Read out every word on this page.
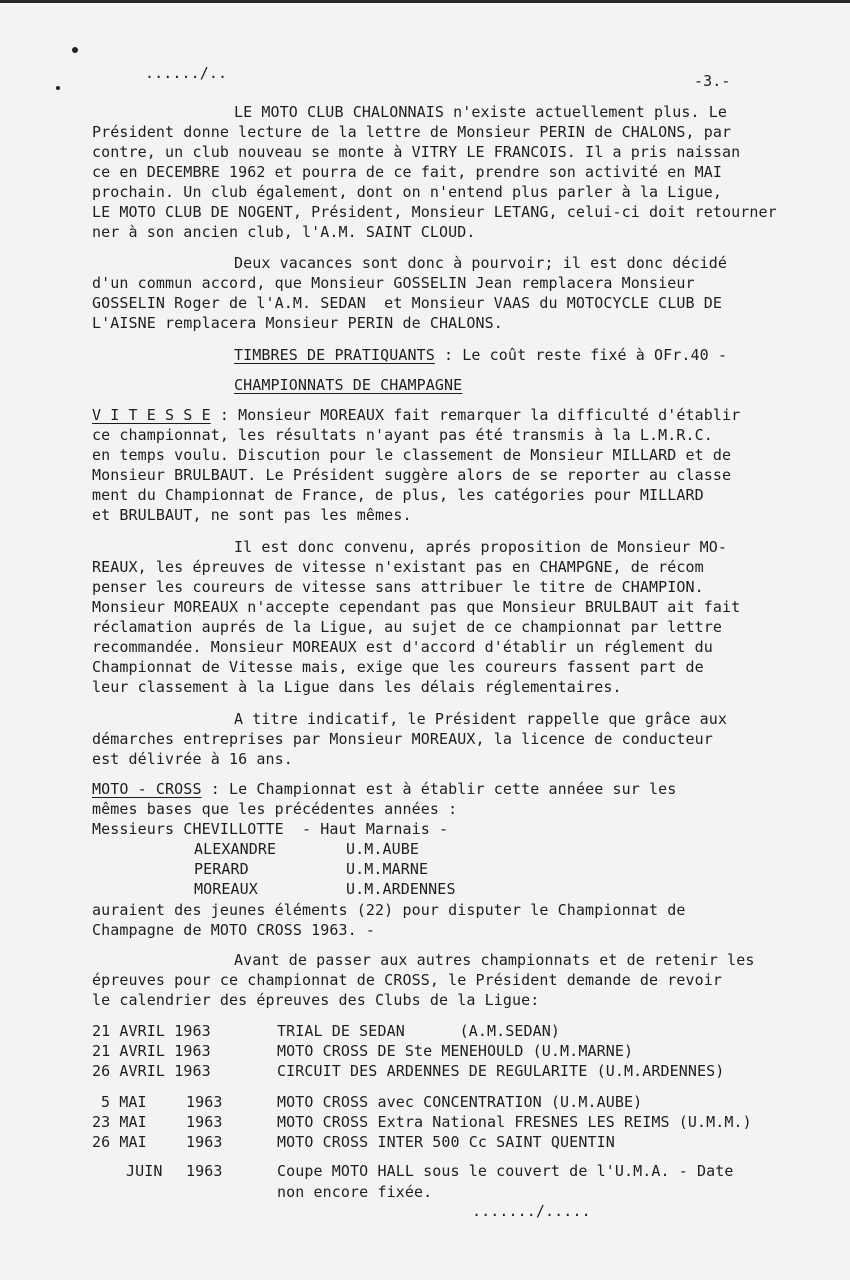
....../..	-3.-
LE MOTO CLUB CHALONNAIS n'existe actuellement plus. Le
Président donne lecture de la lettre de Monsieur PERIN de CHALONS, par
contre, un club nouveau se monte à VITRY LE FRANCOIS. Il a pris naissan
ce en DECEMBRE 1962 et pourra de ce fait, prendre son activité en MAI
prochain. Un club également, dont on n'entend plus parler à la Ligue,
LE MOTO CLUB DE NOGENT, Président, Monsieur LETANG, celui-ci doit retourner
ner à son ancien club, l'A.M. SAINT CLOUD.
Deux vacances sont donc à pourvoir; il est donc décidé
d'un commun accord, que Monsieur GOSSELIN Jean remplacera Monsieur
GOSSELIN Roger de l'A.M. SEDAN  et Monsieur VAAS du MOTOCYCLE CLUB DE
L'AISNE remplacera Monsieur PERIN de CHALONS.
TIMBRES DE PRATIQUANTS : Le coût reste fixé à OFr.40 -
CHAMPIONNATS DE CHAMPAGNE
V I T E S S E : Monsieur MOREAUX fait remarquer la difficulté d'établir
ce championnat, les résultats n'ayant pas été transmis à la L.M.R.C.
en temps voulu. Discution pour le classement de Monsieur MILLARD et de
Monsieur BRULBAUT. Le Président suggère alors de se reporter au classe
ment du Championnat de France, de plus, les catégories pour MILLARD
et BRULBAUT, ne sont pas les mêmes.
Il est donc convenu, aprés proposition de Monsieur MO-
REAUX, les épreuves de vitesse n'existant pas en CHAMPGNE, de récom
penser les coureurs de vitesse sans attribuer le titre de CHAMPION.
Monsieur MOREAUX n'accepte cependant pas que Monsieur BRULBAUT ait fait
réclamation auprés de la Ligue, au sujet de ce championnat par lettre
recommandée. Monsieur MOREAUX est d'accord d'établir un réglement du
Championnat de Vitesse mais, exige que les coureurs fassent part de
leur classement à la Ligue dans les délais réglementaires.
A titre indicatif, le Président rappelle que grâce aux
démarches entreprises par Monsieur MOREAUX, la licence de conducteur
est délivrée à 16 ans.
MOTO - CROSS : Le Championnat est à établir cette annéee sur les
mêmes bases que les précédentes années :
Messieurs CHEVILLOTTE  - Haut Marnais -
ALEXANDRE	U.M.AUBE
PERARD	U.M.MARNE
MOREAUX	U.M.ARDENNES
auraient des jeunes éléments (22) pour disputer le Championnat de
Champagne de MOTO CROSS 1963. -
Avant de passer aux autres championnats et de retenir les
épreuves pour ce championnat de CROSS, le Président demande de revoir
le calendrier des épreuves des Clubs de la Ligue:
21 AVRIL 1963	TRIAL DE SEDAN      (A.M.SEDAN)
21 AVRIL 1963	MOTO CROSS DE Ste MENEHOULD (U.M.MARNE)
26 AVRIL 1963	CIRCUIT DES ARDENNES DE REGULARITE (U.M.ARDENNES)
5 MAI	1963	MOTO CROSS avec CONCENTRATION (U.M.AUBE)
23 MAI	1963	MOTO CROSS Extra National FRESNES LES REIMS (U.M.M.)
26 MAI	1963	MOTO CROSS INTER 500 Cc SAINT QUENTIN
JUIN 1963	Coupe MOTO HALL sous le couvert de l'U.M.A. - Date
non encore fixée.
......./.....
